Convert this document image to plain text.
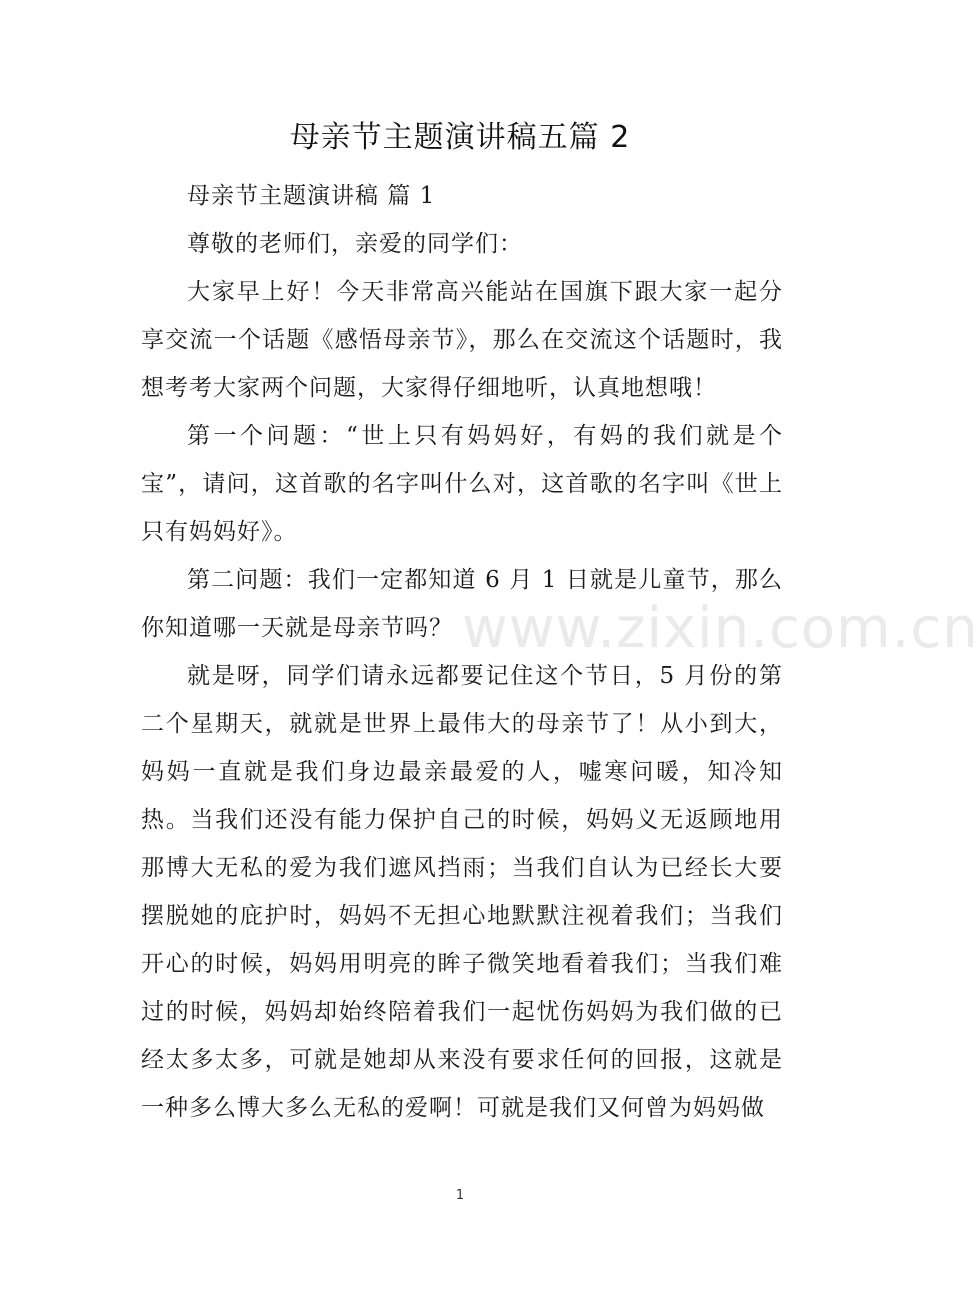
母亲节主题演讲稿五篇 2

母亲节主题演讲稿 篇 1

尊敬的老师们，亲爱的同学们：

大家早上好！今天非常高兴能站在国旗下跟大家一起分享交流一个话题《感悟母亲节》，那么在交流这个话题时，我想考考大家两个问题，大家得仔细地听，认真地想哦！

第一个问题：“世上只有妈妈好，有妈的我们就是个宝”，请问，这首歌的名字叫什么对，这首歌的名字叫《世上只有妈妈好》。

第二问题：我们一定都知道 6 月 1 日就是儿童节，那么你知道哪一天就是母亲节吗？

就是呀，同学们请永远都要记住这个节日，5 月份的第二个星期天，就就是世界上最伟大的母亲节了！从小到大，妈妈一直就是我们身边最亲最爱的人，嘘寒问暖，知冷知热。当我们还没有能力保护自己的时候，妈妈义无返顾地用那博大无私的爱为我们遮风挡雨；当我们自认为已经长大要摆脱她的庇护时，妈妈不无担心地默默注视着我们；当我们开心的时候，妈妈用明亮的眸子微笑地看着我们；当我们难过的时候，妈妈却始终陪着我们一起忧伤妈妈为我们做的已经太多太多，可就是她却从来没有要求任何的回报，这就是一种多么博大多么无私的爱啊！可就是我们又何曾为妈妈做

www.zixin.com.cn
1
